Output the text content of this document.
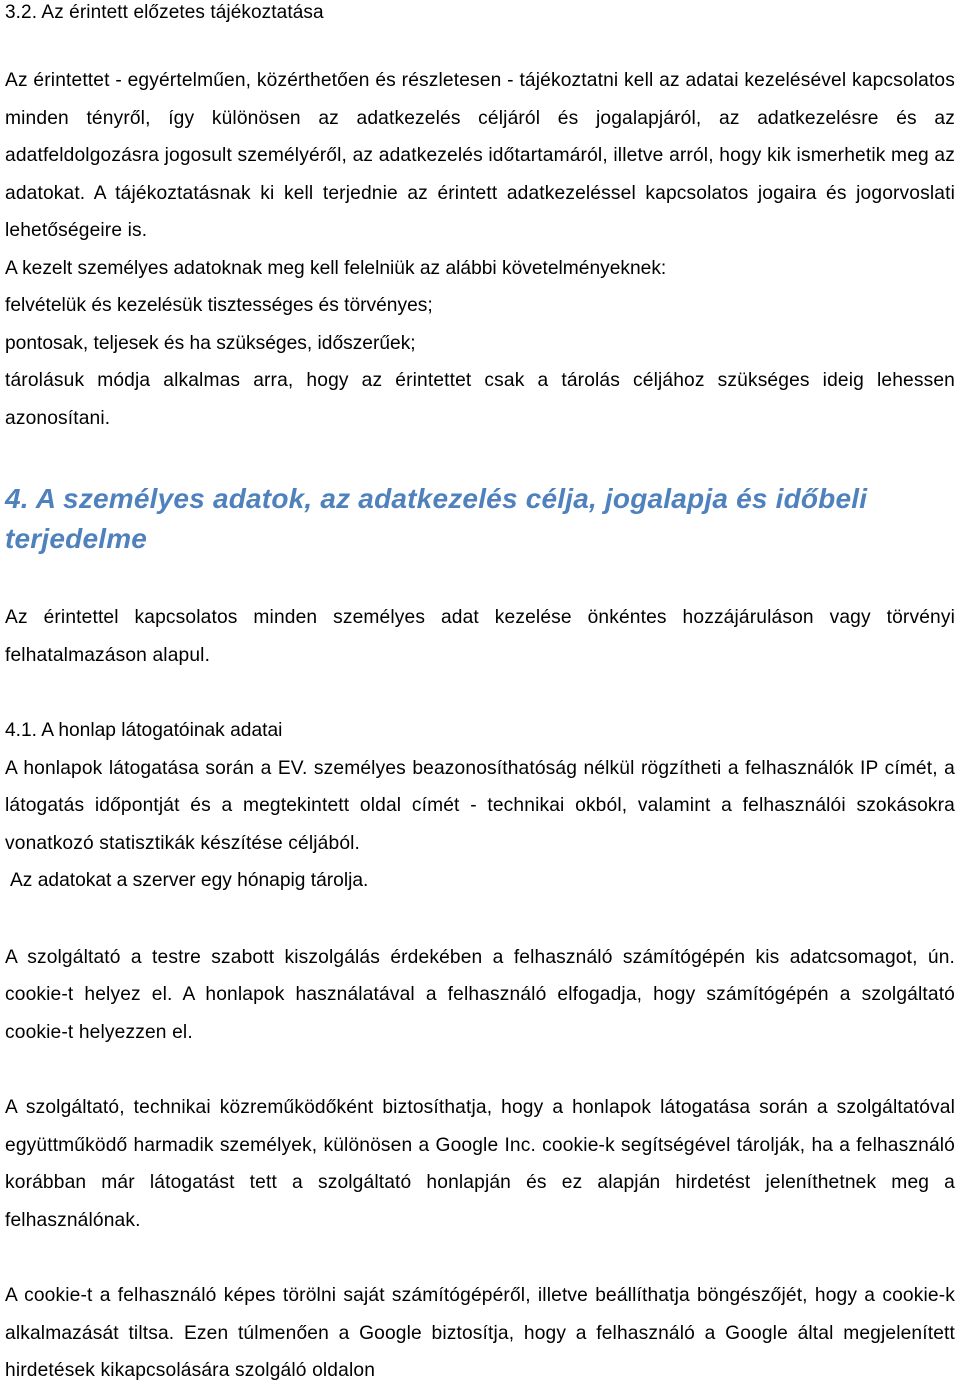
3.2. Az érintett előzetes tájékoztatása

Az érintettet - egyértelműen, közérthetően és részletesen - tájékoztatni kell az adatai kezelésével kapcsolatos minden tényről, így különösen az adatkezelés céljáról és jogalapjáról, az adatkezelésre és az adatfeldolgozásra jogosult személyéről, az adatkezelés időtartamáról, illetve arról, hogy kik ismerhetik meg az adatokat. A tájékoztatásnak ki kell terjednie az érintett adatkezeléssel kapcsolatos jogaira és jogorvoslati lehetőségeire is.

A kezelt személyes adatoknak meg kell felelniük az alábbi követelményeknek:

felvételük és kezelésük tisztességes és törvényes;

pontosak, teljesek és ha szükséges, időszerűek;

tárolásuk módja alkalmas arra, hogy az érintettet csak a tárolás céljához szükséges ideig lehessen azonosítani.

4. A személyes adatok, az adatkezelés célja, jogalapja és időbeli terjedelme

Az érintettel kapcsolatos minden személyes adat kezelése önkéntes hozzájáruláson vagy törvényi felhatalmazáson alapul.

4.1. A honlap látogatóinak adatai

A honlapok látogatása során a EV. személyes beazonosíthatóság nélkül rögzítheti a felhasználók IP címét, a látogatás időpontját és a megtekintett oldal címét - technikai okból, valamint a felhasználói szokásokra vonatkozó statisztikák készítése céljából.

Az adatokat a szerver egy hónapig tárolja.

A szolgáltató a testre szabott kiszolgálás érdekében a felhasználó számítógépén kis adatcsomagot, ún. cookie-t helyez el. A honlapok használatával a felhasználó elfogadja, hogy számítógépén a szolgáltató cookie-t helyezzen el.

A szolgáltató, technikai közreműködőként biztosíthatja, hogy a honlapok látogatása során a szolgáltatóval együttműködő harmadik személyek, különösen a Google Inc. cookie-k segítségével tárolják, ha a felhasználó korábban már látogatást tett a szolgáltató honlapján és ez alapján hirdetést jeleníthetnek meg a felhasználónak.

A cookie-t a felhasználó képes törölni saját számítógépéről, illetve beállíthatja böngészőjét, hogy a cookie-k alkalmazását tiltsa. Ezen túlmenően a Google biztosítja, hogy a felhasználó a Google által megjelenített hirdetések kikapcsolására szolgáló oldalon
